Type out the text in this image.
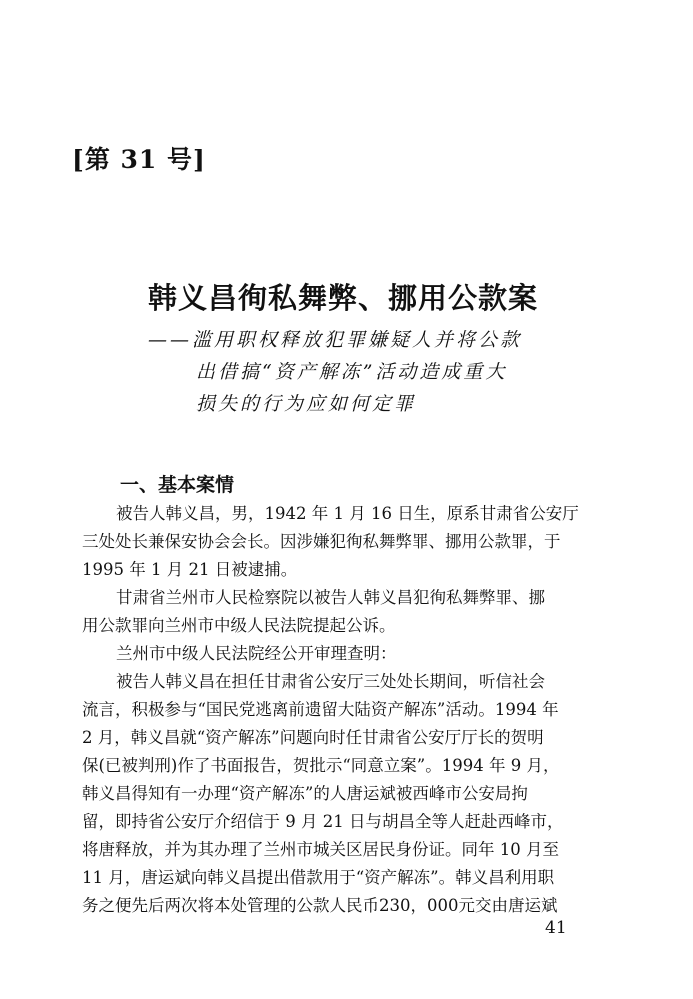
[第 31 号]
韩义昌徇私舞弊、挪用公款案
——滥用职权释放犯罪嫌疑人并将公款
出借搞“资产解冻”活动造成重大
损失的行为应如何定罪
一、基本案情
被告人韩义昌，男，1942 年 1 月 16 日生，原系甘肃省公安厅
三处处长兼保安协会会长。因涉嫌犯徇私舞弊罪、挪用公款罪，于
1995 年 1 月 21 日被逮捕。
甘肃省兰州市人民检察院以被告人韩义昌犯徇私舞弊罪、挪
用公款罪向兰州市中级人民法院提起公诉。
兰州市中级人民法院经公开审理查明：
被告人韩义昌在担任甘肃省公安厅三处处长期间，听信社会
流言，积极参与“国民党逃离前遗留大陆资产解冻”活动。1994 年
2 月，韩义昌就“资产解冻”问题向时任甘肃省公安厅厅长的贺明
保(已被判刑)作了书面报告，贺批示“同意立案”。1994 年 9 月，
韩义昌得知有一办理“资产解冻”的人唐运斌被西峰市公安局拘
留，即持省公安厅介绍信于 9 月 21 日与胡昌全等人赶赴西峰市，
将唐释放，并为其办理了兰州市城关区居民身份证。同年 10 月至
11 月，唐运斌向韩义昌提出借款用于“资产解冻”。韩义昌利用职
务之便先后两次将本处管理的公款人民币230，000元交由唐运斌
41
